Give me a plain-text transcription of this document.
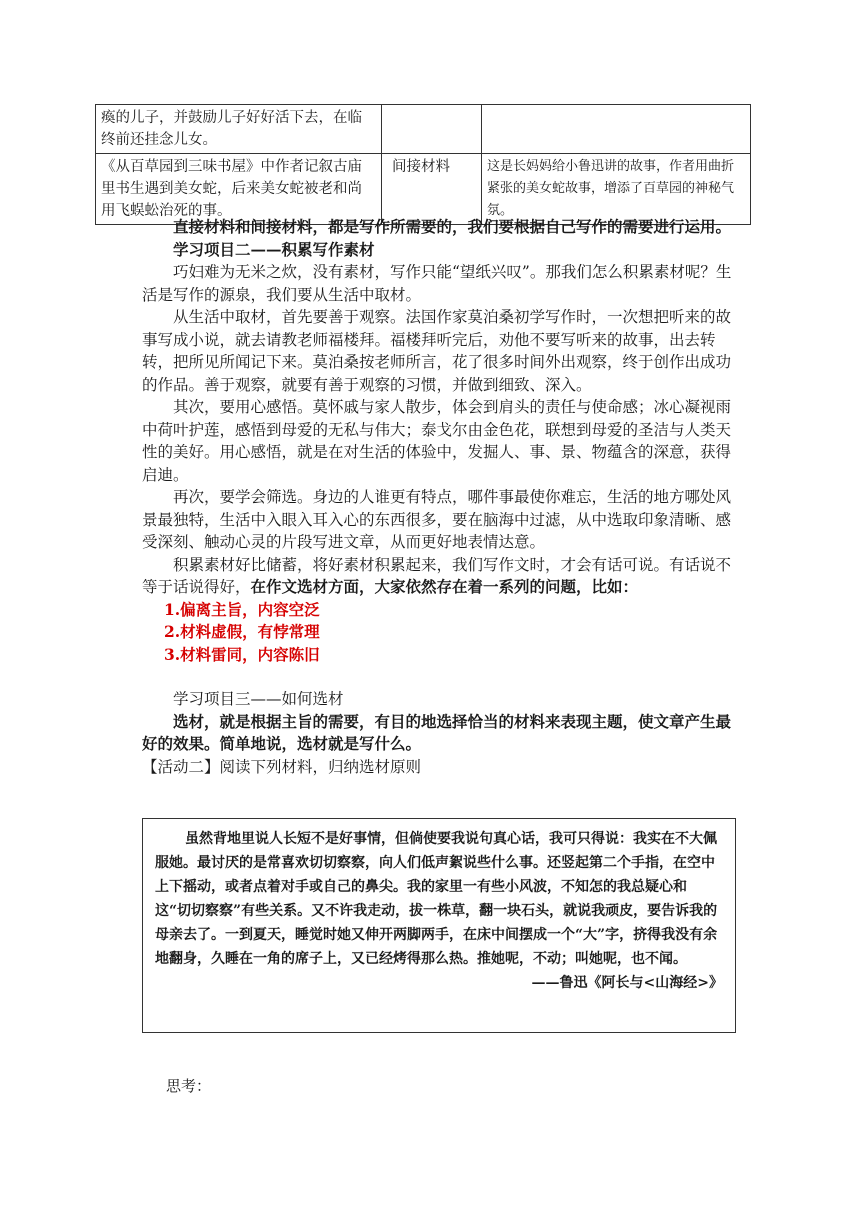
瘓的儿子，并鼓励儿子好好活下去，在临终前还挂念儿女。		
《从百草园到三味书屋》中作者记叙古庙里书生遇到美女蛇，后来美女蛇被老和尚用飞蜈蚣治死的事。	间接材料	这是长妈妈给小鲁迅讲的故事，作者用曲折紧张的美女蛇故事，增添了百草园的神秘气氛。

直接材料和间接材料，都是写作所需要的，我们要根据自己写作的需要进行运用。

学习项目二——积累写作素材

巧妇难为无米之炊，没有素材，写作只能“望纸兴叹”。那我们怎么积累素材呢？生活是写作的源泉，我们要从生活中取材。

从生活中取材，首先要善于观察。法国作家莫泊桑初学写作时，一次想把听来的故事写成小说，就去请教老师福楼拜。福楼拜听完后，劝他不要写听来的故事，出去转转，把所见所闻记下来。莫泊桑按老师所言，花了很多时间外出观察，终于创作出成功的作品。善于观察，就要有善于观察的习惯，并做到细致、深入。

其次，要用心感悟。莫怀戚与家人散步，体会到肩头的责任与使命感；冰心凝视雨中荷叶护莲，感悟到母爱的无私与伟大；泰戈尔由金色花，联想到母爱的圣洁与人类天性的美好。用心感悟，就是在对生活的体验中，发掘人、事、景、物蕴含的深意，获得启迪。

再次，要学会筛选。身边的人谁更有特点，哪件事最使你难忘，生活的地方哪处风景最独特，生活中入眼入耳入心的东西很多，要在脑海中过滤，从中选取印象清晰、感受深刻、触动心灵的片段写进文章，从而更好地表情达意。

积累素材好比储蓄，将好素材积累起来，我们写作文时，才会有话可说。有话说不等于话说得好，在作文选材方面，大家依然存在着一系列的问题，比如：

1.偏离主旨，内容空泛

2.材料虚假，有悖常理

3.材料雷同，内容陈旧

学习项目三——如何选材

选材，就是根据主旨的需要，有目的地选择恰当的材料来表现主题，使文章产生最好的效果。简单地说，选材就是写什么。

【活动二】阅读下列材料，归纳选材原则

虽然背地里说人长短不是好事情，但倘使要我说句真心话，我可只得说：我实在不大佩服她。最讨厌的是常喜欢切切察察，向人们低声絮说些什么事。还竖起第二个手指，在空中上下摇动，或者点着对手或自己的鼻尖。我的家里一有些小风波，不知怎的我总疑心和这“切切察察”有些关系。又不许我走动，拔一株草，翻一块石头，就说我顽皮，要告诉我的母亲去了。一到夏天，睡觉时她又伸开两脚两手，在床中间摆成一个“大”字，挤得我没有余地翻身，久睡在一角的席子上，又已经烤得那么热。推她呢，不动；叫她呢，也不闻。

——鲁迅《阿长与<山海经>》

思考：
